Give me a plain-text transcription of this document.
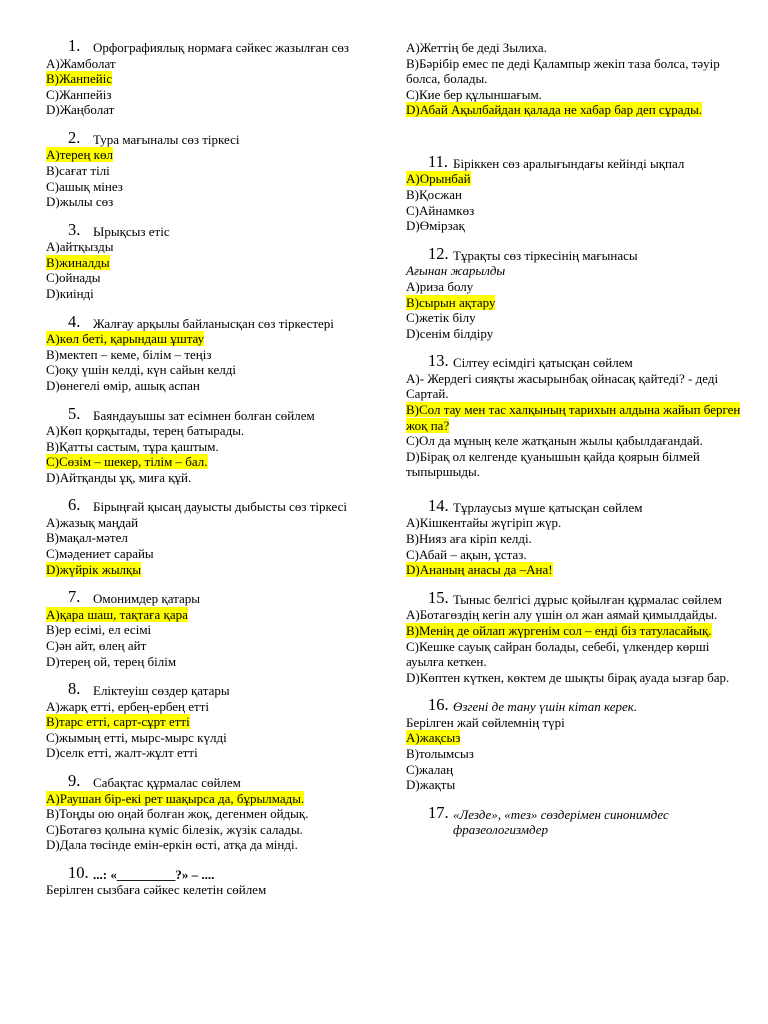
1. Орфографиялық нормаға сәйкес жазылған сөз
А)Жамболат
В)Жанпейіс
С)Жанпейіз
D)Жаңболат
2. Тура мағыналы сөз тіркесі
А)терең көл
В)сағат тілі
С)ашық мінез
D)жылы сөз
3. Ырықсыз етіс
А)айтқызды
В)жиналды
С)ойнады
D)киінді
4. Жалғау арқылы байланысқан сөз тіркестері
А)көл беті, қарындаш ұштау
В)мектеп – кеме, білім – теңіз
С)оқу үшін келді, күн сайын келді
D)өнегелі өмір, ашық аспан
5. Баяндауышы зат есімнен болған сөйлем
А)Көп қорқытады, терең батырады.
В)Қатты састым, тұра қаштым.
С)Сөзім – шекер, тілім – бал.
D)Айтқанды ұқ, миға құй.
6. Бірыңғай қысаң дауысты дыбысты сөз тіркесі
А)жазық маңдай
В)мақал-мәтел
С)мәдениет сарайы
D)жүйрік жылқы
7. Омонимдер қатары
А)қара шаш, тақтаға қара
В)ер есімі, ел есімі
С)ән айт, өлең айт
D)терең ой, терең білім
8. Еліктеуіш сөздер қатары
А)жарқ етті, ербең-ербең етті
В)тарс етті, сарт-сұрт етті
С)жымың етті, мырс-мырс күлді
D)селк етті, жалт-жұлт етті
9. Сабақтас құрмалас сөйлем
А)Раушан бір-екі рет шақырса да, бұрылмады.
В)Тоңды ою оңай болған жоқ, дегенмен ойдық.
С)Ботагөз қолына күміс білезік, жүзік салады.
D)Дала төсінде емін-еркін өсті, атқа да мінді.
10. ...: «_________?» – ....
Берілген сызбаға сәйкес келетін сөйлем
А)Жеттің бе деді Зылиха.
В)Бәрібір емес пе деді Қалампыр жекіп таза болса, тәуір болса, болады.
С)Кие бер құлыншағым.
D)Абай Ақылбайдан қалада не хабар бар деп сұрады.
11. Біріккен сөз аралығындағы кейінді ықпал
А)Орынбай
В)Қосжан
С)Айнамкөз
D)Өмірзақ
12. Тұрақты сөз тіркесінің мағынасы
Ағынан жарылды
А)риза болу
В)сырын ақтару
С)жетік білу
D)сенім білдіру
13. Сілтеу есімдігі қатысқан сөйлем
А)- Жердегі сияқты жасырынбақ ойнасақ қайтеді? - деді Сартай.
В)Сол тау мен тас халқының тарихын алдына жайып берген жоқ па?
С)Ол да мұның келе жатқанын жылы қабылдағандай.
D)Бірақ ол келгенде қуанышын қайда қоярын білмей тыпыршыды.
14. Тұрлаусыз мүше қатысқан сөйлем
А)Кішкентайы жүгіріп жүр.
В)Нияз аға кіріп келді.
С)Абай – ақын, ұстаз.
D)Ананың анасы да –Ана!
15. Тыныс белгісі дұрыс қойылған құрмалас сөйлем
А)Ботагөздің кегін алу үшін ол жан аямай қимылдайды.
В)Менің де ойлап жүргенім сол – енді біз татуласайық.
С)Кешке сауық сайран болады, себебі, үлкендер көрші ауылға кеткен.
D)Көптен күткен, көктем де шықты бірақ ауада ызғар бар.
16. Өзгені де тану үшін кітап керек.
Берілген жай сөйлемнің түрі
А)жақсыз
В)толымсыз
С)жалаң
D)жақты
17. «Лезде», «тез» сөздерімен синонимдес фразеологизмдер
